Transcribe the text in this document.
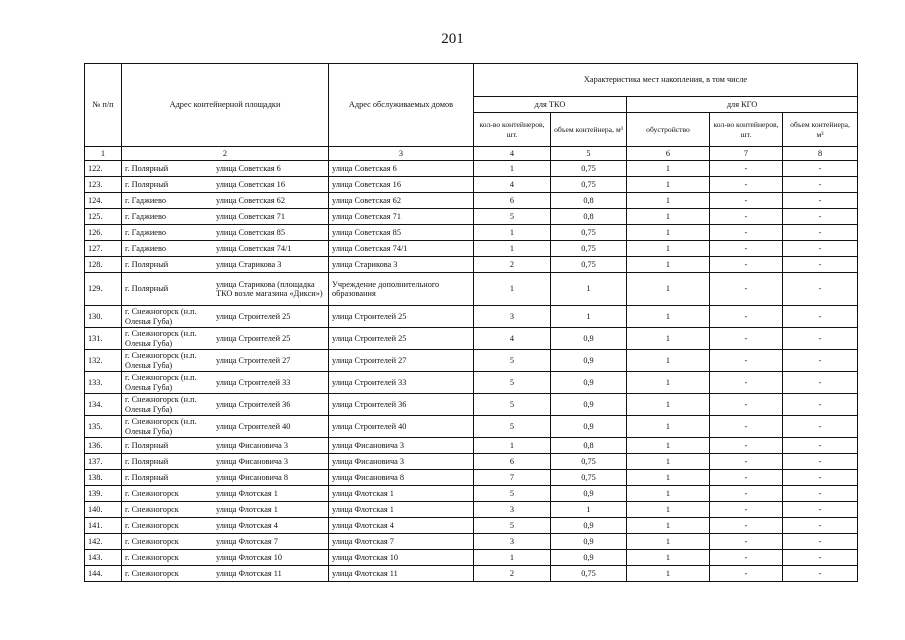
201
№ п/п	Адрес контейнерной площадки	Адрес обслуживаемых домов	Характеристика мест накопления, в том числе				
			для ТКО		для КГО		
			кол-во контейнеров, шт.	объем контейнера, м³	обустройство	кол-во контейнеров, шт.	объем контейнера, м³
1	2	3	4	5	6	7	8
122.	г. Полярный улица Советская 6	улица Советская 6	1	0,75	1	-	-
123.	г. Полярный улица Советская 16	улица Советская 16	4	0,75	1	-	-
124.	г. Гаджиево улица Советская 62	улица Советская 62	6	0,8	1	-	-
125.	г. Гаджиево улица Советская 71	улица Советская 71	5	0,8	1	-	-
126.	г. Гаджиево улица Советская 85	улица Советская 85	1	0,75	1	-	-
127.	г. Гаджиево улица Советская 74/1	улица Советская 74/1	1	0,75	1	-	-
128.	г. Полярный улица Старикова 3	улица Старикова 3	2	0,75	1	-	-
129.	г. Полярныйулица Старикова (площадка ТКО возле магазина «Дикси»)	Учреждение дополнительного образования	1	1	1	-	-
130.	г. Снежногорск (н.п. Оленья Губа)улица Строителей 25	улица Строителей 25	3	1	1	-	-
131.	г. Снежногорск (н.п. Оленья Губа)улица Строителей 25	улица Строителей 25	4	0,9	1	-	-
132.	г. Снежногорск (н.п. Оленья Губа)улица Строителей 27	улица Строителей 27	5	0,9	1	-	-
133.	г. Снежногорск (н.п. Оленья Губа)улица Строителей 33	улица Строителей 33	5	0,9	1	-	-
134.	г. Снежногорск (н.п. Оленья Губа)улица Строителей 36	улица Строителей 36	5	0,9	1	-	-
135.	г. Снежногорск (н.п. Оленья Губа)улица Строителей 40	улица Строителей 40	5	0,9	1	-	-
136.	г. Полярный улица Фисановича 3	улица Фисановича 3	1	0,8	1	-	-
137.	г. Полярный улица Фисановича 3	улица Фисановича 3	6	0,75	1	-	-
138.	г. Полярный улица Фисановича 8	улица Фисановича 8	7	0,75	1	-	-
139.	г. Снежногорск улица Флотская 1	улица Флотская 1	5	0,9	1	-	-
140.	г. Снежногорск улица Флотская 1	улица Флотская 1	3	1	1	-	-
141.	г. Снежногорск улица Флотская 4	улица Флотская 4	5	0,9	1	-	-
142.	г. Снежногорск улица Флотская 7	улица Флотская 7	3	0,9	1	-	-
143.	г. Снежногорск улица Флотская 10	улица Флотская 10	1	0,9	1	-	-
144.	г. Снежногорск улица Флотская 11	улица Флотская 11	2	0,75	1	-	-
